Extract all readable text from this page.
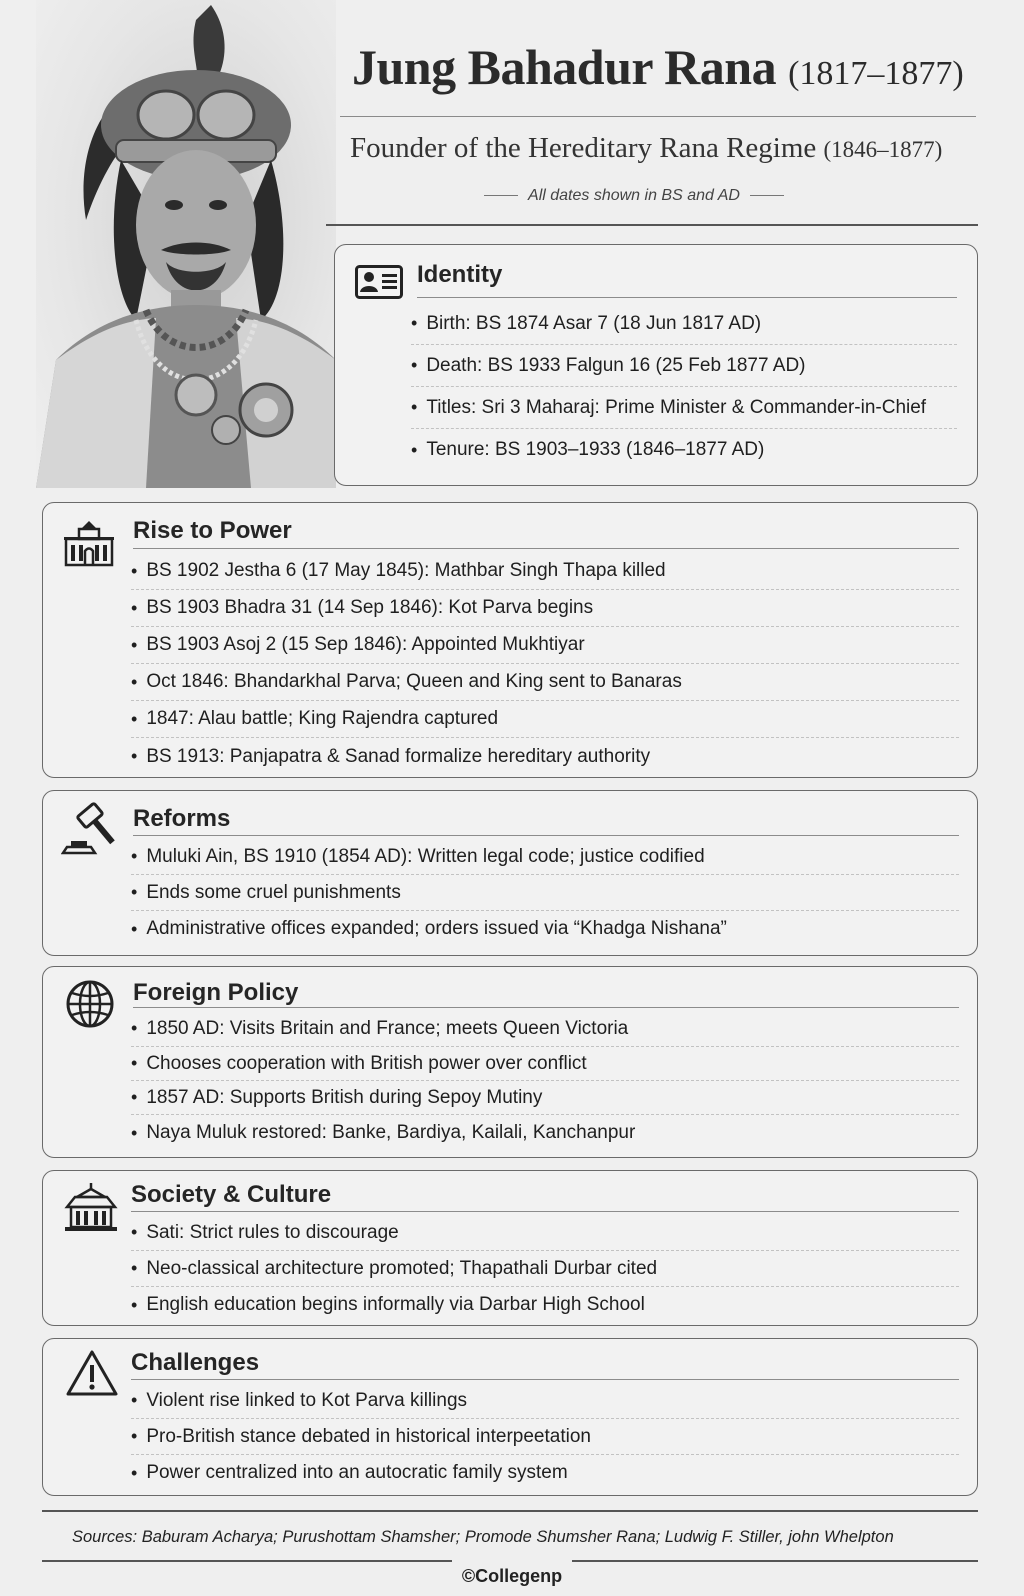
Jung Bahadur Rana (1817–1877)
Founder of the Hereditary Rana Regime (1846–1877)
All dates shown in BS and AD
Identity
• Birth: BS 1874 Asar 7 (18 Jun 1817 AD)
• Death: BS 1933 Falgun 16 (25 Feb 1877 AD)
• Titles: Sri 3 Maharaj: Prime Minister & Commander-in-Chief
• Tenure: BS 1903–1933 (1846–1877 AD)
Rise to Power
• BS 1902 Jestha 6 (17 May 1845): Mathbar Singh Thapa killed
• BS 1903 Bhadra 31 (14 Sep 1846): Kot Parva begins
• BS 1903 Asoj 2 (15 Sep 1846): Appointed Mukhtiyar
• Oct 1846: Bhandarkhal Parva; Queen and King sent to Banaras
• 1847: Alau battle; King Rajendra captured
• BS 1913: Panjapatra & Sanad formalize hereditary authority
Reforms
• Muluki Ain, BS 1910 (1854 AD): Written legal code; justice codified
• Ends some cruel punishments
• Administrative offices expanded; orders issued via “Khadga Nishana”
Foreign Policy
• 1850 AD: Visits Britain and France; meets Queen Victoria
• Chooses cooperation with British power over conflict
• 1857 AD: Supports British during Sepoy Mutiny
• Naya Muluk restored: Banke, Bardiya, Kailali, Kanchanpur
Society & Culture
• Sati: Strict rules to discourage
• Neo-classical architecture promoted; Thapathali Durbar cited
• English education begins informally via Darbar High School
Challenges
• Violent rise linked to Kot Parva killings
• Pro-British stance debated in historical interpeetation
• Power centralized into an autocratic family system
Sources: Baburam Acharya; Purushottam Shamsher; Promode Shumsher Rana; Ludwig F. Stiller, john Whelpton
©Collegenp
